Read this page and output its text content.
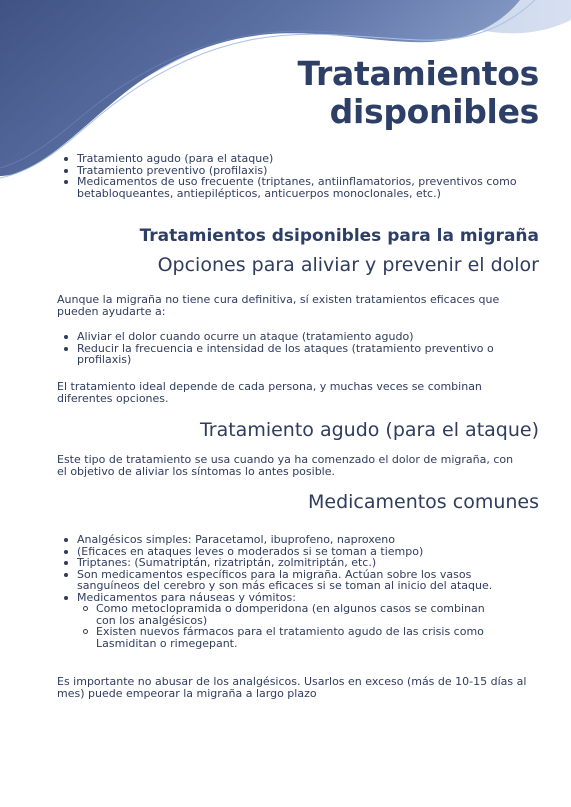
Tratamientos
disponibles
Tratamiento agudo (para el ataque)
Tratamiento preventivo (profilaxis)
Medicamentos de uso frecuente (triptanes, antiinflamatorios, preventivos como betabloqueantes, antiepilépticos, anticuerpos monoclonales, etc.)
Tratamientos dsiponibles para la migraña
Opciones para aliviar y prevenir el dolor

Aunque la migraña no tiene cura definitiva, sí existen tratamientos eficaces que pueden ayudarte a:

Aliviar el dolor cuando ocurre un ataque (tratamiento agudo)
Reducir la frecuencia e intensidad de los ataques (tratamiento preventivo o profilaxis)

El tratamiento ideal depende de cada persona, y muchas veces se combinan diferentes opciones.

Tratamiento agudo (para el ataque)

Este tipo de tratamiento se usa cuando ya ha comenzado el dolor de migraña, con el objetivo de aliviar los síntomas lo antes posible.

Medicamentos comunes
Analgésicos simples: Paracetamol, ibuprofeno, naproxeno
(Eficaces en ataques leves o moderados si se toman a tiempo)
Triptanes: (Sumatriptán, rizatriptán, zolmitriptán, etc.)
Son medicamentos específicos para la migraña. Actúan sobre los vasos sanguíneos del cerebro y son más eficaces si se toman al inicio del ataque.
Medicamentos para náuseas y vómitos:
Como metoclopramida o domperidona (en algunos casos se combinan con los analgésicos)
Existen nuevos fármacos para el tratamiento agudo de las crisis como Lasmiditan o rimegepant.

Es importante no abusar de los analgésicos. Usarlos en exceso (más de 10-15 días al mes) puede empeorar la migraña a largo plazo
